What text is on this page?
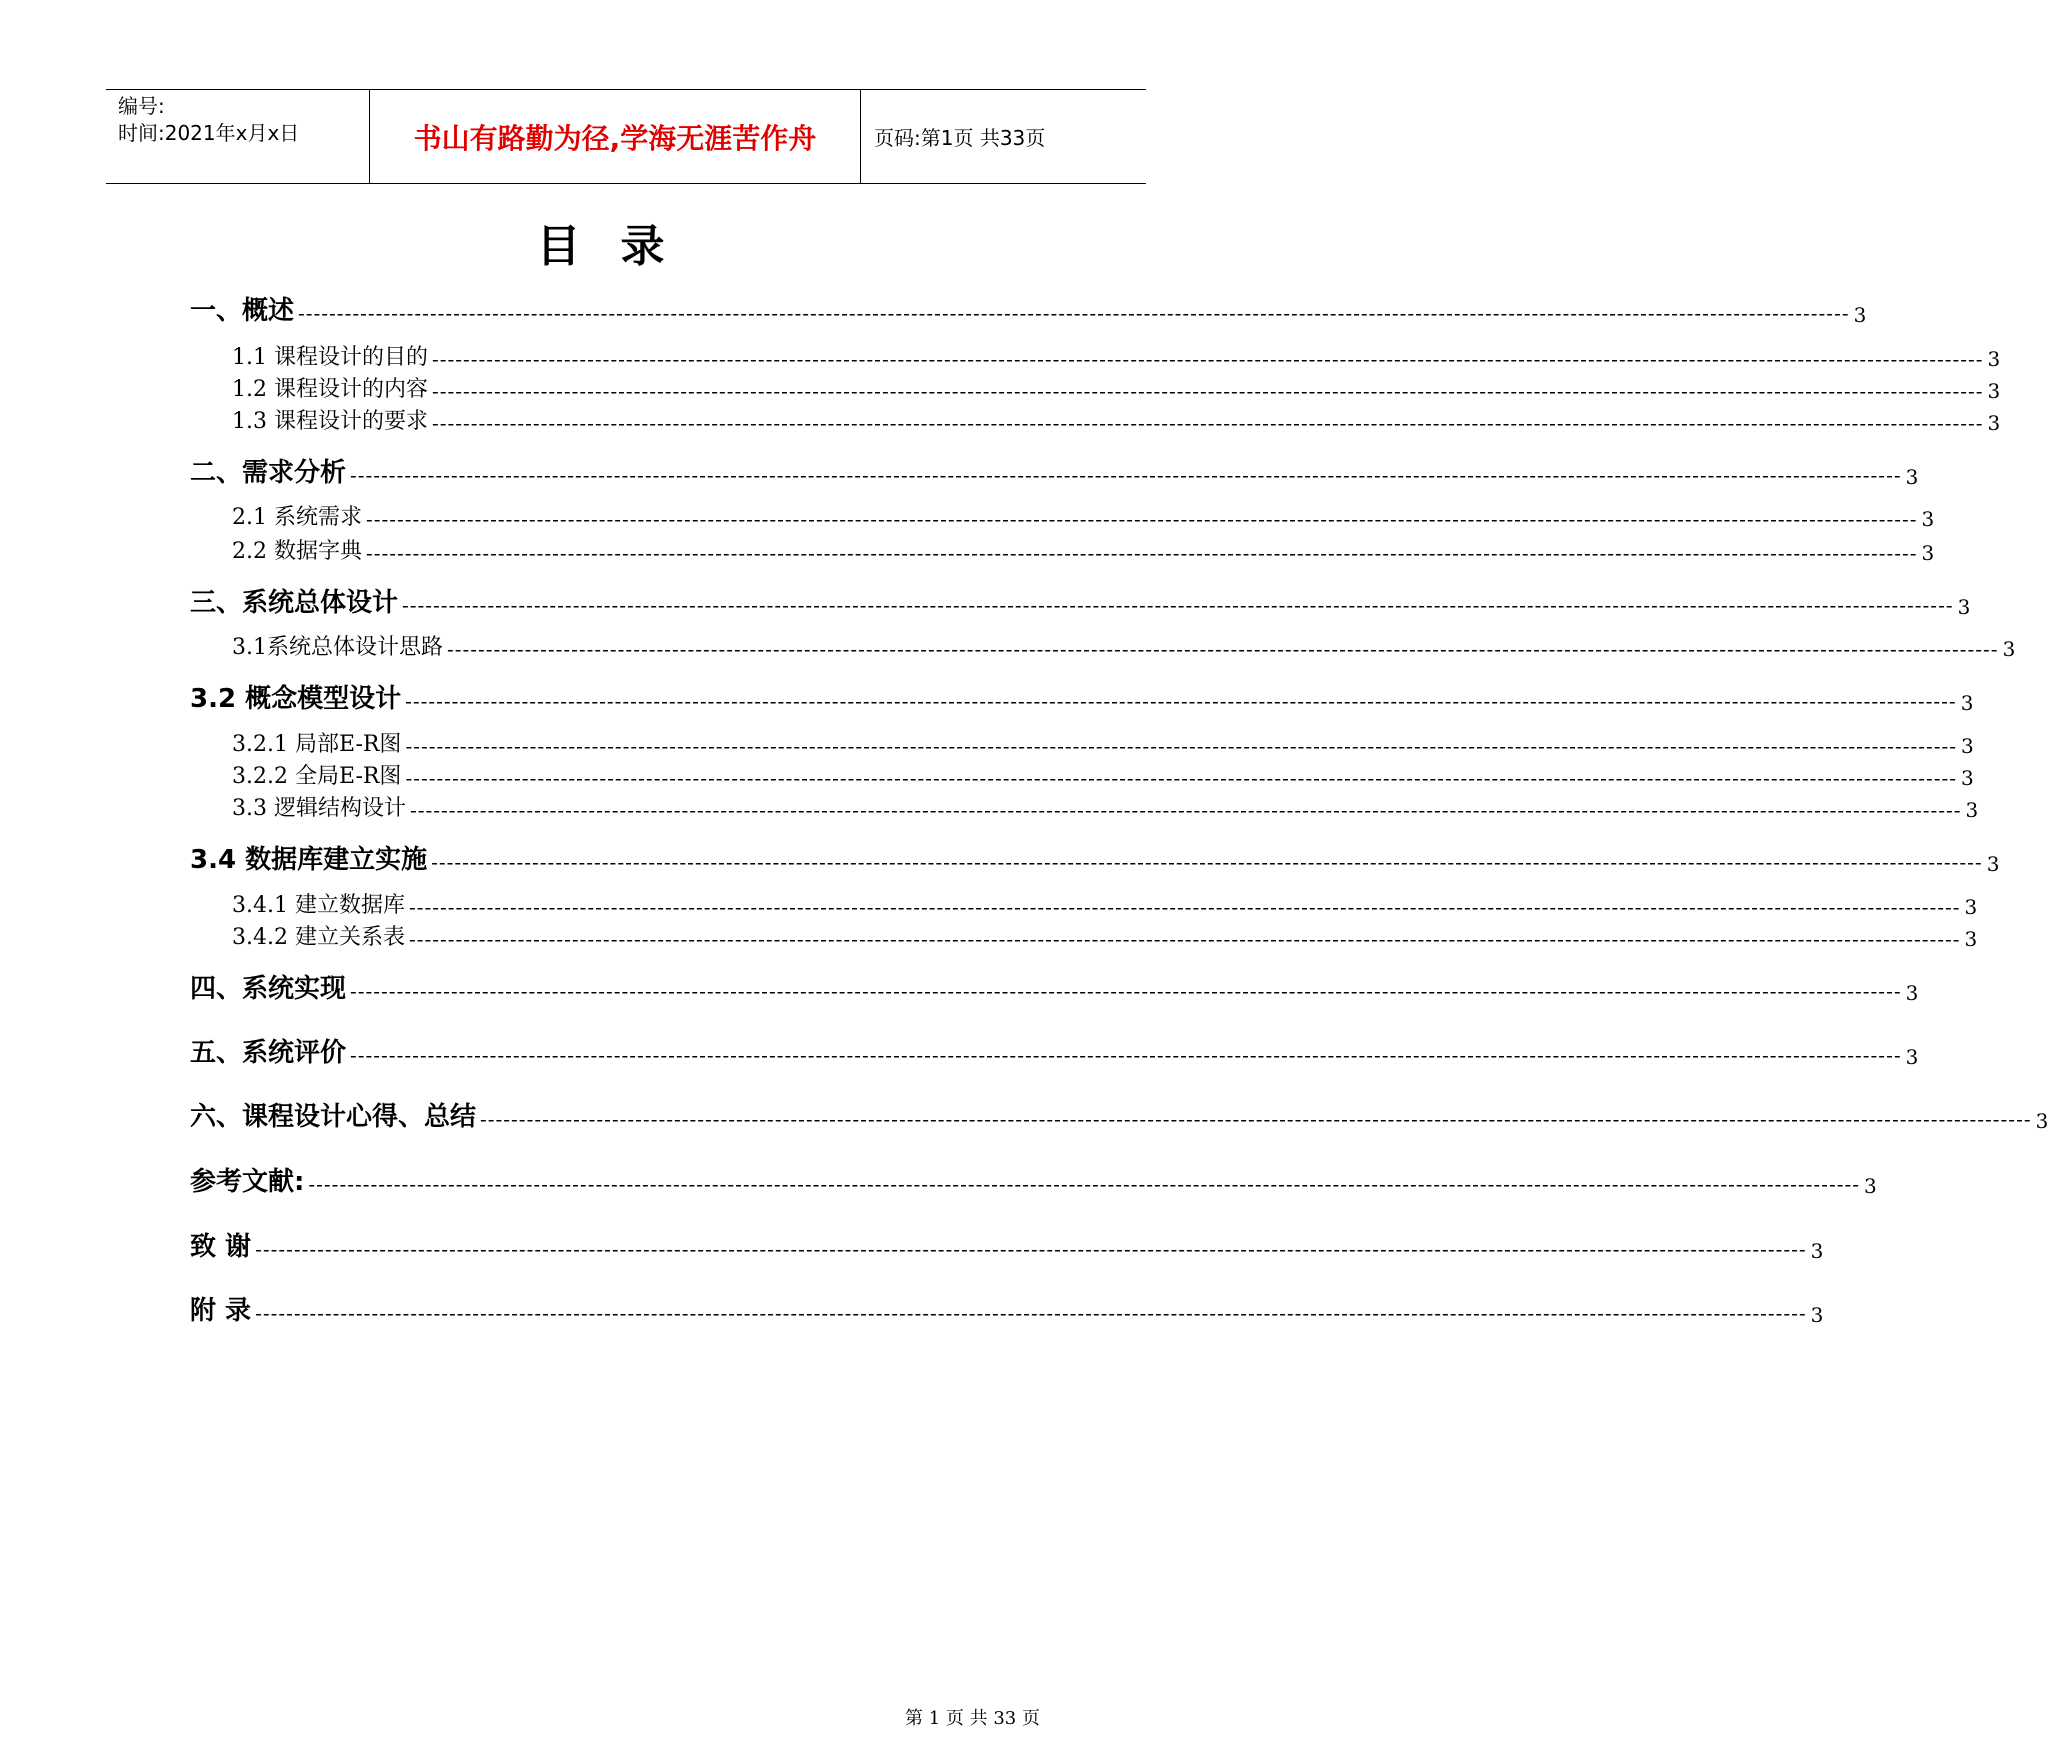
编号:
时间:2021年x月x日	书山有路勤为径,学海无涯苦作舟	页码:第1页 共33页
目录
一、概述 -------------------------------------------------------------------------------------------------------------------------------------------------------------------------------------------------------- 3
1.1 课程设计的目的 -------------------------------------------------------------------------------------------------------------------------------------------------------------------------------------------------------- 3
1.2 课程设计的内容 -------------------------------------------------------------------------------------------------------------------------------------------------------------------------------------------------------- 3
1.3 课程设计的要求 -------------------------------------------------------------------------------------------------------------------------------------------------------------------------------------------------------- 3
二、需求分析 -------------------------------------------------------------------------------------------------------------------------------------------------------------------------------------------------------- 3
2.1 系统需求 -------------------------------------------------------------------------------------------------------------------------------------------------------------------------------------------------------- 3
2.2 数据字典 -------------------------------------------------------------------------------------------------------------------------------------------------------------------------------------------------------- 3
三、系统总体设计 -------------------------------------------------------------------------------------------------------------------------------------------------------------------------------------------------------- 3
3.1系统总体设计思路 -------------------------------------------------------------------------------------------------------------------------------------------------------------------------------------------------------- 3
3.2 概念模型设计 -------------------------------------------------------------------------------------------------------------------------------------------------------------------------------------------------------- 3
3.2.1 局部E-R图 -------------------------------------------------------------------------------------------------------------------------------------------------------------------------------------------------------- 3
3.2.2 全局E-R图 -------------------------------------------------------------------------------------------------------------------------------------------------------------------------------------------------------- 3
3.3 逻辑结构设计 -------------------------------------------------------------------------------------------------------------------------------------------------------------------------------------------------------- 3
3.4 数据库建立实施 -------------------------------------------------------------------------------------------------------------------------------------------------------------------------------------------------------- 3
3.4.1 建立数据库 -------------------------------------------------------------------------------------------------------------------------------------------------------------------------------------------------------- 3
3.4.2 建立关系表 -------------------------------------------------------------------------------------------------------------------------------------------------------------------------------------------------------- 3
四、系统实现 -------------------------------------------------------------------------------------------------------------------------------------------------------------------------------------------------------- 3
五、系统评价 -------------------------------------------------------------------------------------------------------------------------------------------------------------------------------------------------------- 3
六、课程设计心得、总结 -------------------------------------------------------------------------------------------------------------------------------------------------------------------------------------------------------- 3
参考文献: -------------------------------------------------------------------------------------------------------------------------------------------------------------------------------------------------------- 3
致 谢 -------------------------------------------------------------------------------------------------------------------------------------------------------------------------------------------------------- 3
附 录 -------------------------------------------------------------------------------------------------------------------------------------------------------------------------------------------------------- 3
第 1 页 共 33 页
